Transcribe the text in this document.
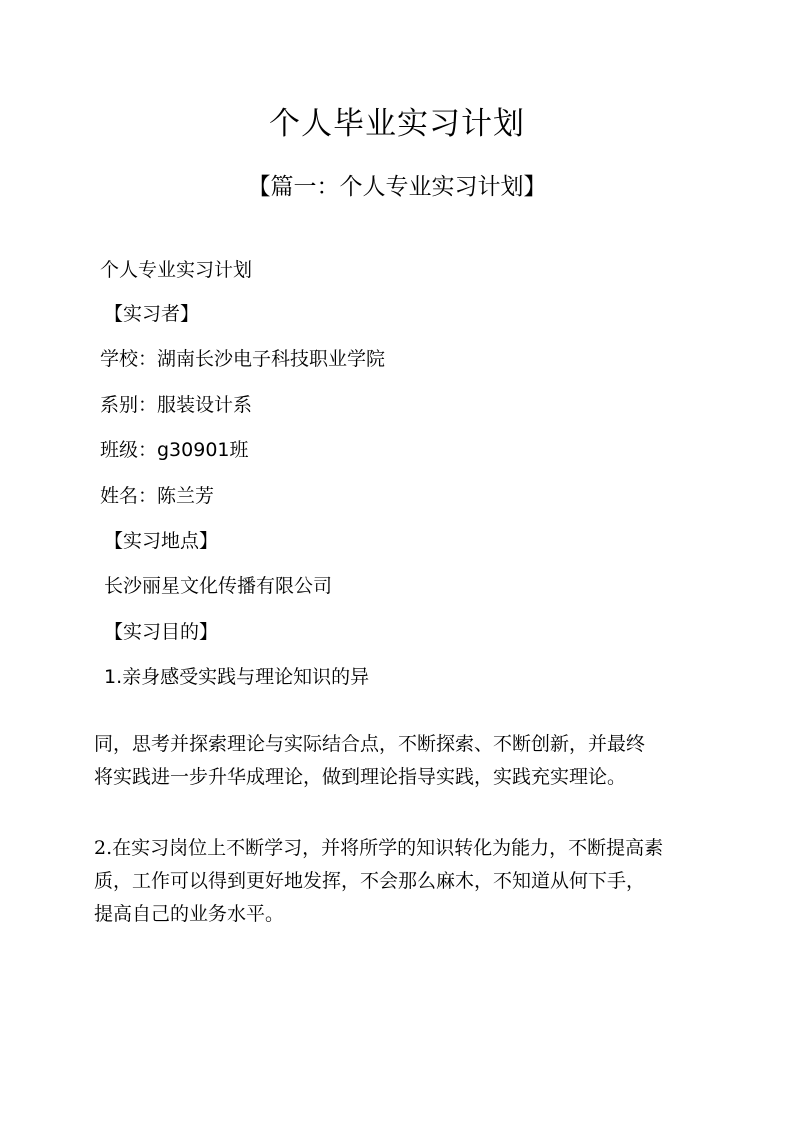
个人毕业实习计划
【篇一：个人专业实习计划】
个人专业实习计划
【实习者】
学校：湖南长沙电子科技职业学院
系别：服装设计系
班级：g30901班
姓名：陈兰芳
【实习地点】
长沙丽星文化传播有限公司
【实习目的】
1.亲身感受实践与理论知识的异
同，思考并探索理论与实际结合点，不断探索、不断创新，并最终
将实践进一步升华成理论，做到理论指导实践，实践充实理论。
2.在实习岗位上不断学习，并将所学的知识转化为能力，不断提高素
质，工作可以得到更好地发挥，不会那么麻木，不知道从何下手，
提高自己的业务水平。
